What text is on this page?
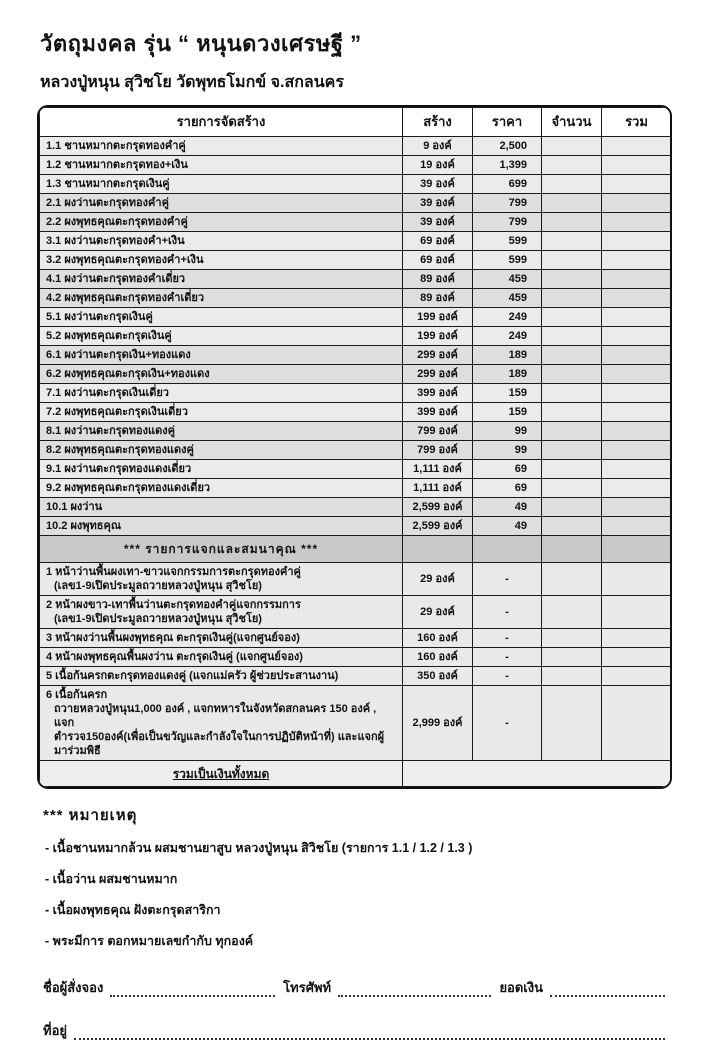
วัตถุมงคล รุ่น “ หนุนดวงเศรษฐี ”
หลวงปู่หนุน สุวิชโย วัดพุทธโมกข์ จ.สกลนคร
รายการจัดสร้าง	สร้าง	ราคา	จำนวน	รวม
1.1 ชานหมากตะกรุดทองคำคู่	9 องค์	2,500		
1.2 ชานหมากตะกรุดทอง+เงิน	19 องค์	1,399		
1.3 ชานหมากตะกรุดเงินคู่	39 องค์	699		
2.1 ผงว่านตะกรุดทองคำคู่	39 องค์	799		
2.2 ผงพุทธคุณตะกรุดทองคำคู่	39 องค์	799		
3.1 ผงว่านตะกรุดทองคำ+เงิน	69 องค์	599		
3.2 ผงพุทธคุณตะกรุดทองคำ+เงิน	69 องค์	599		
4.1 ผงว่านตะกรุดทองคำเดี่ยว	89 องค์	459		
4.2 ผงพุทธคุณตะกรุดทองคำเดี่ยว	89 องค์	459		
5.1 ผงว่านตะกรุดเงินคู่	199 องค์	249		
5.2 ผงพุทธคุณตะกรุดเงินคู่	199 องค์	249		
6.1 ผงว่านตะกรุดเงิน+ทองแดง	299 องค์	189		
6.2 ผงพุทธคุณตะกรุดเงิน+ทองแดง	299 องค์	189		
7.1 ผงว่านตะกรุดเงินเดี่ยว	399 องค์	159		
7.2 ผงพุทธคุณตะกรุดเงินเดี่ยว	399 องค์	159		
8.1 ผงว่านตะกรุดทองแดงคู่	799 องค์	99		
8.2 ผงพุทธคุณตะกรุดทองแดงคู่	799 องค์	99		
9.1 ผงว่านตะกรุดทองแดงเดี่ยว	1,111 องค์	69		
9.2 ผงพุทธคุณตะกรุดทองแดงเดี่ยว	1,111 องค์	69		
10.1 ผงว่าน	2,599 องค์	49		
10.2 ผงพุทธคุณ	2,599 องค์	49		
*** รายการแจกและสมนาคุณ ***				

1 หน้าว่านพื้นผงเทา-ขาวแจกกรรมการตะกรุดทองคำคู่
(เลข1-9เปิดประมูลถวายหลวงปู่หนุน สุวิชโย)	29 องค์	-		

2 หน้าผงขาว-เทาพื้นว่านตะกรุดทองคำคู่แจกกรรมการ
(เลข1-9เปิดประมูลถวายหลวงปู่หนุน สุวิชโย)	29 องค์	-		

3 หน้าผงว่านพื้นผงพุทธคุณ ตะกรุดเงินคู่(แจกศูนย์จอง)	160 องค์	-		

4 หน้าผงพุทธคุณพื้นผงว่าน ตะกรุดเงินคู่ (แจกศูนย์จอง)	160 องค์	-		

5 เนื้อก้นครกตะกรุดทองแดงคู่ (แจกแม่ครัว ผู้ช่วยประสานงาน)	350 องค์	-		

6 เนื้อก้นครก
ถวายหลวงปู่หนุน1,000 องค์ , แจกทหารในจังหวัดสกลนคร 150 องค์ , แจก
ตำรวจ150องค์(เพื่อเป็นขวัญและกำลังใจในการปฏิบัติหน้าที่) และแจกผู้มาร่วมพิธี	2,999 องค์	-		

รวมเป็นเงินทั้งหมด				

*** หมายเหตุ
- เนื้อชานหมากล้วน ผสมชานยาสูบ หลวงปู่หนุน สิวิชโย (รายการ 1.1 / 1.2 / 1.3 )
- เนื้อว่าน ผสมชานหมาก
- เนื้อผงพุทธคุณ ฝังตะกรุดสาริกา
- พระมีการ ตอกหมายเลขกำกับ ทุกองค์
ชื่อผู้สั่งจอง	โทรศัพท์	ยอดเงิน
ที่อยู่
